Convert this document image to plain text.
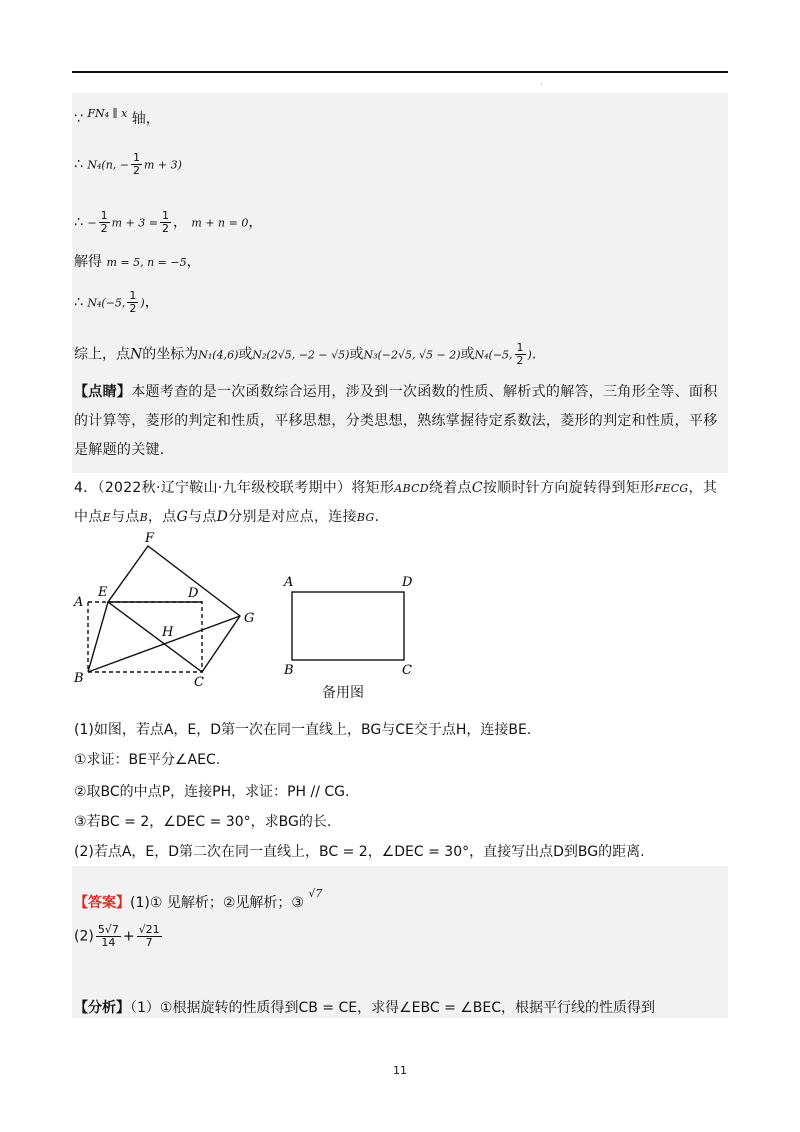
·
∵ $^{FN_4 \parallel x}$ 轴，
∴ N₄(n, − $\frac{1}{2}$ m + 3)
∴ − $\frac{1}{2}$ $m + 3 = \frac{1}{2}$ ， m + n = 0，
解得 m = 5, n = −5，
∴ N₄(−5, $\frac{1}{2}$ )，
综上，点N的坐标为N₁(4,6)或N₂(2√5, −2 − √5)或N₃(−2√5, √5 − 2)或N₄(−5, $\frac{1}{2}$ ).
【点睛】本题考查的是一次函数综合运用，涉及到一次函数的性质、解析式的解答，三角形全等、面积的计算等，菱形的判定和性质，平移思想，分类思想，熟练掌握待定系数法，菱形的判定和性质，平移是解题的关键.
4．（2022秋·辽宁鞍山·九年级校联考期中）将矩形ABCD绕着点C按顺时针方向旋转得到矩形FECG，其中点E与点B，点G与点D分别是对应点，连接BG.
F
E	D
A
G
H
B	C
A	D
B	C
备用图
(1)如图，若点A，E，D第一次在同一直线上，BG与CE交于点H，连接BE.
①求证：BE平分∠AEC.
②取BC的中点P，连接PH，求证：PH // CG.
③若BC = 2，∠DEC = 30°，求BG的长.
(2)若点A，E，D第二次在同一直线上，BC = 2，∠DEC = 30°，直接写出点D到BG的距离.
【答案】(1)① 见解析；②见解析；③ $^{√7}$
$(2) \frac{5√7}{14} + \frac{√21}{7}$
【分析】（1）①根据旋转的性质得到CB = CE，求得∠EBC = ∠BEC，根据平行线的性质得到
11
